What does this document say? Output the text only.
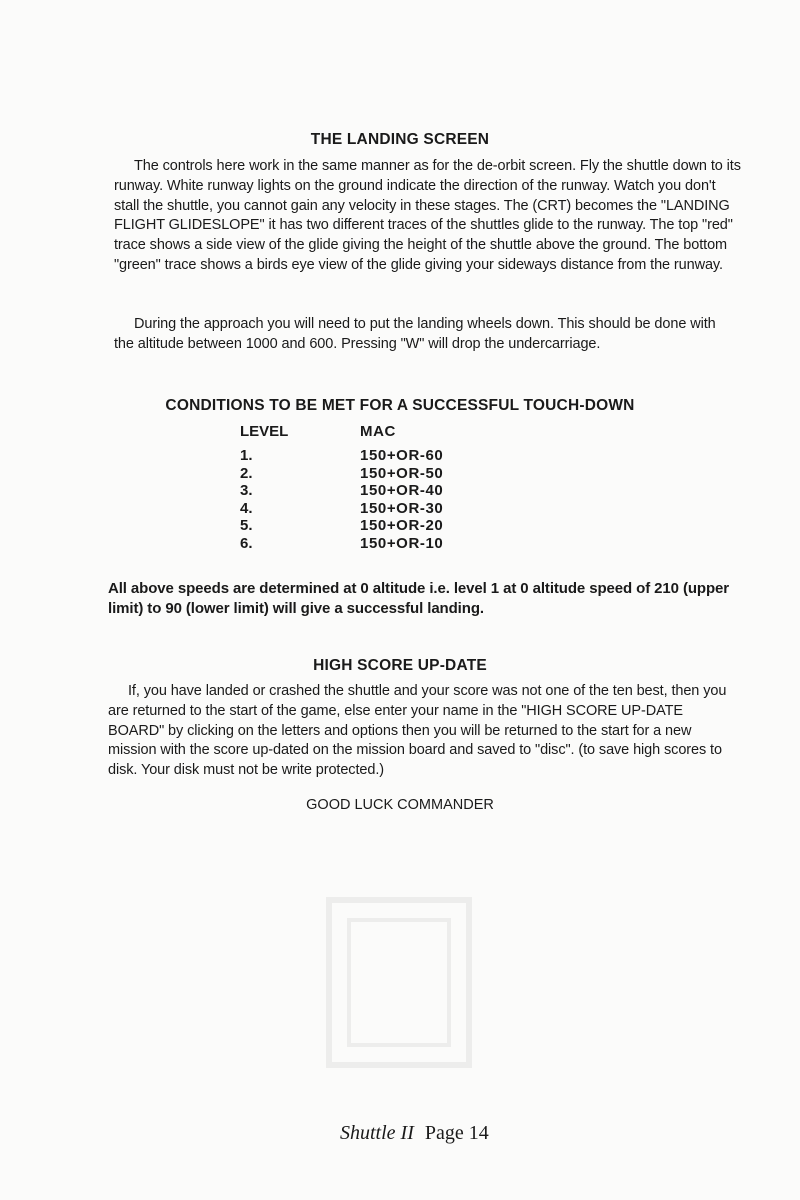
THE LANDING SCREEN
The controls here work in the same manner as for the de-orbit screen. Fly the shuttle down to its runway. White runway lights on the ground indicate the direction of the runway. Watch you don't stall the shuttle, you cannot gain any velocity in these stages. The (CRT) becomes the "LANDING FLIGHT GLIDESLOPE" it has two different traces of the shuttles glide to the runway. The top "red" trace shows a side view of the glide giving the height of the shuttle above the ground. The bottom "green" trace shows a birds eye view of the glide giving your sideways distance from the runway.
During the approach you will need to put the landing wheels down. This should be done with the altitude between 1000 and 600. Pressing "W" will drop the undercarriage.
CONDITIONS TO BE MET FOR A SUCCESSFUL TOUCH-DOWN
LEVEL	MAC
1.	150+OR-60
2.	150+OR-50
3.	150+OR-40
4.	150+OR-30
5.	150+OR-20
6.	150+OR-10
All above speeds are determined at 0 altitude i.e. level 1 at 0 altitude speed of 210 (upper limit) to 90 (lower limit) will give a successful landing.
HIGH SCORE UP-DATE
If, you have landed or crashed the shuttle and your score was not one of the ten best, then you are returned to the start of the game, else enter your name in the "HIGH SCORE UP-DATE BOARD" by clicking on the letters and options then you will be returned to the start for a new mission with the score up-dated on the mission board and saved to "disc". (to save high scores to disk. Your disk must not be write protected.)
GOOD LUCK COMMANDER
Shuttle II Page 14
